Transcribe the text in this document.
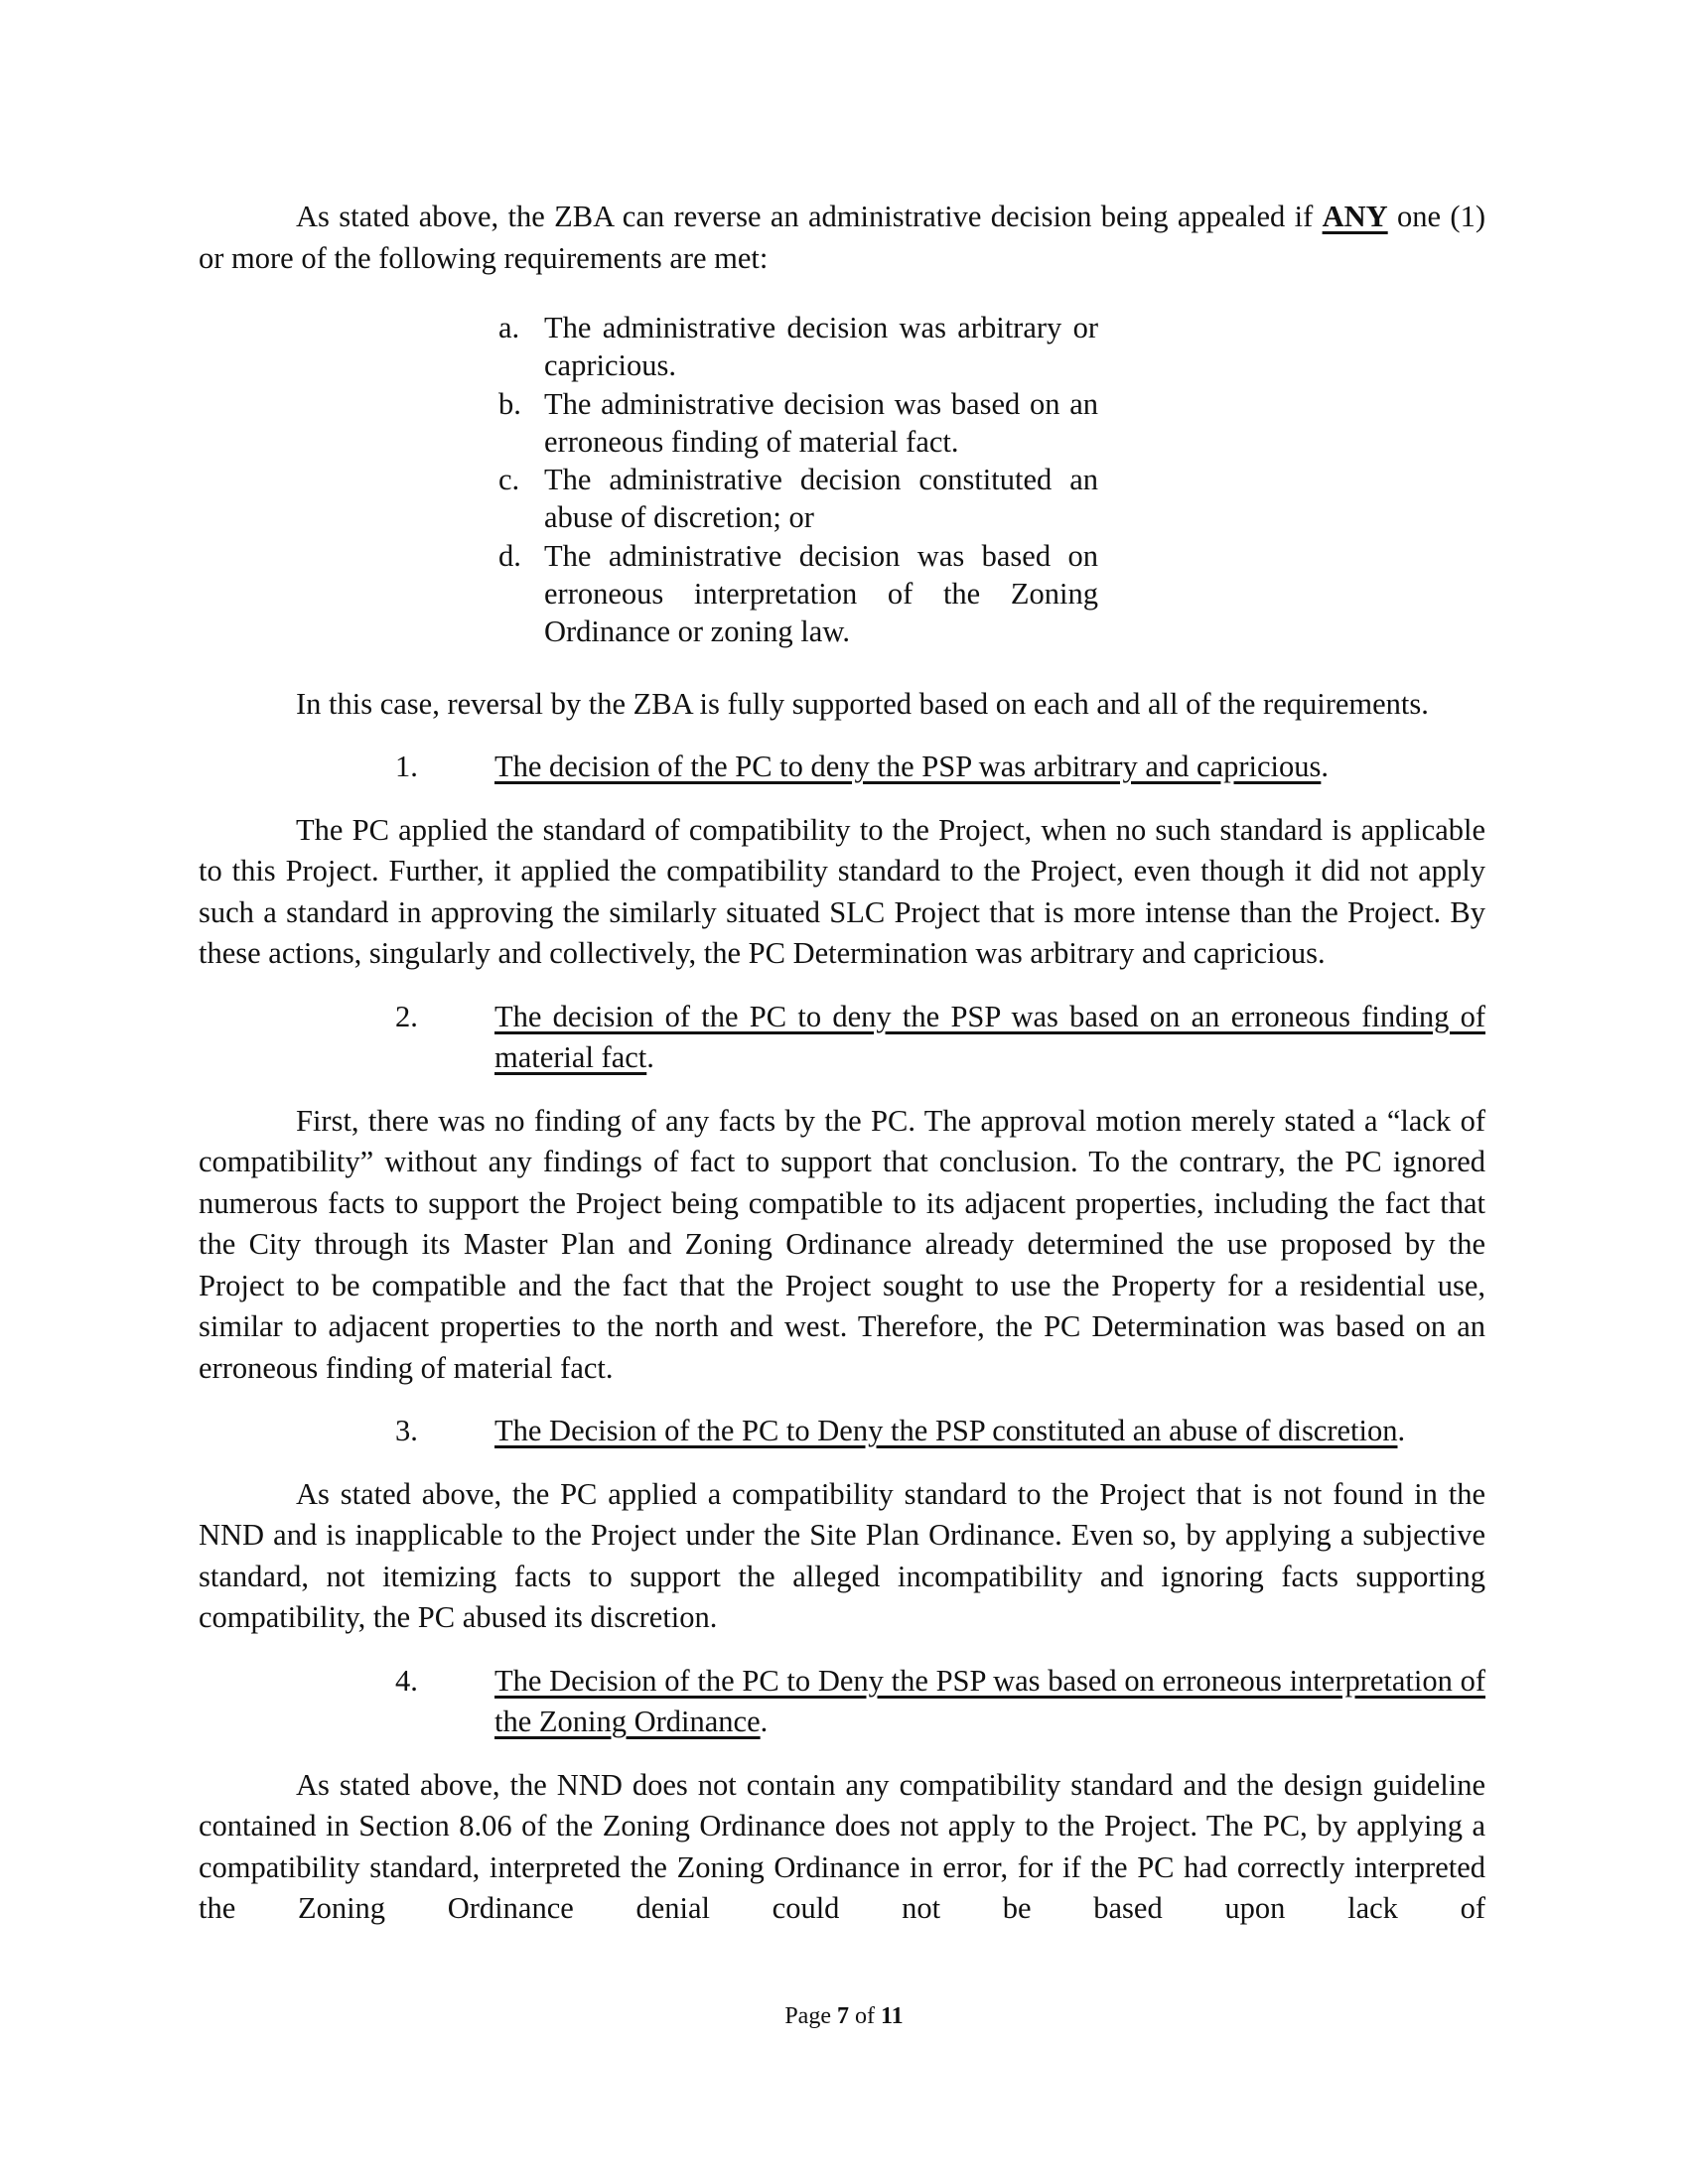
As stated above, the ZBA can reverse an administrative decision being appealed if ANY one (1) or more of the following requirements are met:

a. The administrative decision was arbitrary or capricious.
b. The administrative decision was based on an erroneous finding of material fact.
c. The administrative decision constituted an abuse of discretion; or
d. The administrative decision was based on erroneous interpretation of the Zoning Ordinance or zoning law.

In this case, reversal by the ZBA is fully supported based on each and all of the requirements.

1.	The decision of the PC to deny the PSP was arbitrary and capricious.

The PC applied the standard of compatibility to the Project, when no such standard is applicable to this Project. Further, it applied the compatibility standard to the Project, even though it did not apply such a standard in approving the similarly situated SLC Project that is more intense than the Project. By these actions, singularly and collectively, the PC Determination was arbitrary and capricious.

2.	The decision of the PC to deny the PSP was based on an erroneous finding of material fact.

First, there was no finding of any facts by the PC. The approval motion merely stated a “lack of compatibility” without any findings of fact to support that conclusion. To the contrary, the PC ignored numerous facts to support the Project being compatible to its adjacent properties, including the fact that the City through its Master Plan and Zoning Ordinance already determined the use proposed by the Project to be compatible and the fact that the Project sought to use the Property for a residential use, similar to adjacent properties to the north and west. Therefore, the PC Determination was based on an erroneous finding of material fact.

3.	The Decision of the PC to Deny the PSP constituted an abuse of discretion.

As stated above, the PC applied a compatibility standard to the Project that is not found in the NND and is inapplicable to the Project under the Site Plan Ordinance. Even so, by applying a subjective standard, not itemizing facts to support the alleged incompatibility and ignoring facts supporting compatibility, the PC abused its discretion.

4.	The Decision of the PC to Deny the PSP was based on erroneous interpretation of the Zoning Ordinance.

As stated above, the NND does not contain any compatibility standard and the design guideline contained in Section 8.06 of the Zoning Ordinance does not apply to the Project. The PC, by applying a compatibility standard, interpreted the Zoning Ordinance in error, for if the PC had correctly interpreted the Zoning Ordinance denial could not be based upon lack of

Page 7 of 11
